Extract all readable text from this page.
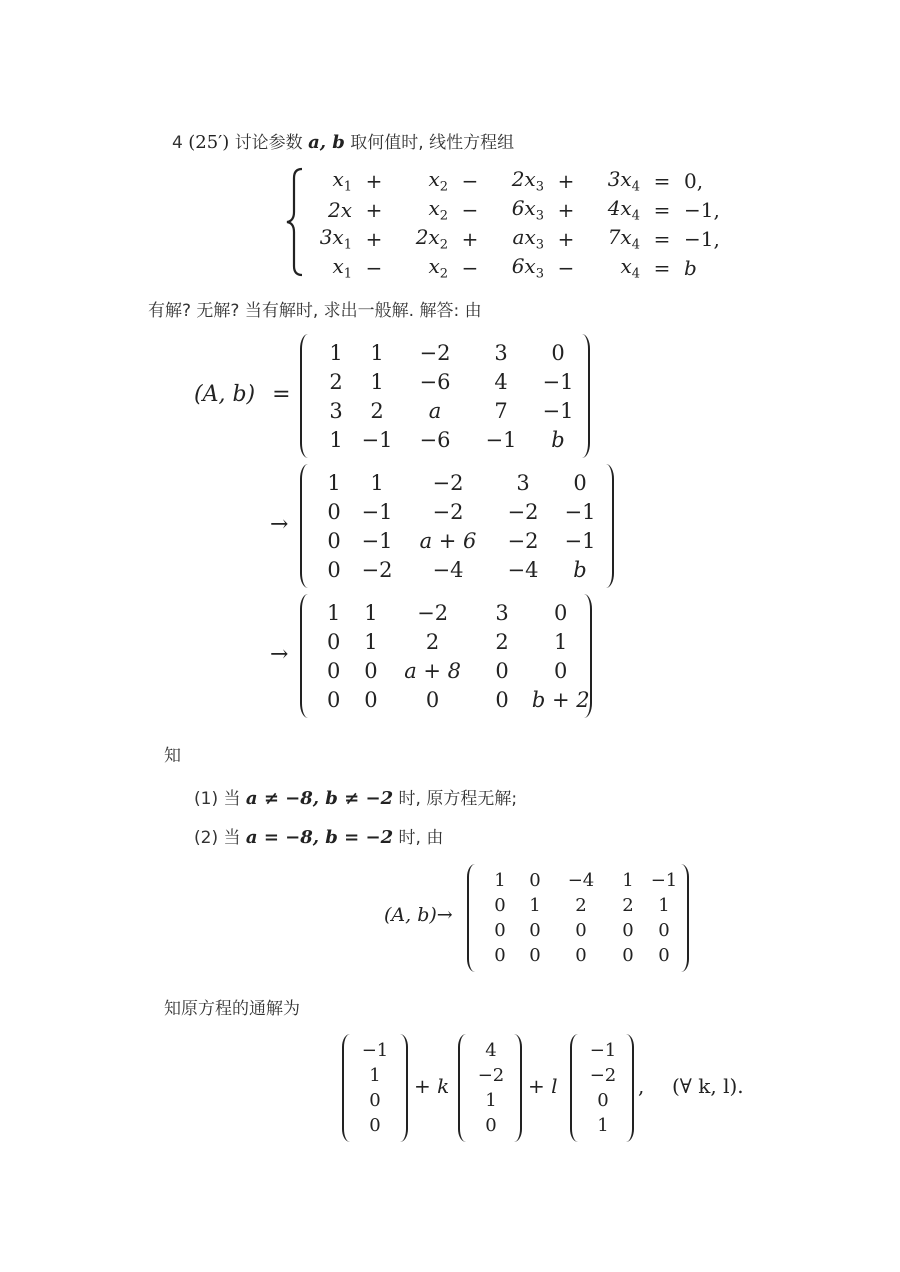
4 (25′) 讨论参数 a, b 取何值时, 线性方程组
$x_1$	+	$x_2$	−	$2x_3$	+	$3x_4$	=	0,
2x	+	$x_2$	−	$6x_3$	+	$4x_4$	=	−1,
$3x_1$	+	$2x_2$	+	$ax_3$	+	$7x_4$	=	−1,
$x_1$	−	$x_2$	−	$6x_3$	−	$x_4$	=	b
有解? 无解? 当有解时, 求出一般解. 解答: 由
(A, b) =
1	1	−2	3	0
2	1	−6	4	−1
3	2	a	7	−1
1	−1	−6	−1	b
→
1	1	−2	3	0
0	−1	−2	−2	−1
0	−1	a + 6	−2	−1
0	−2	−4	−4	b
→
1	1	−2	3	0
0	1	2	2	1
0	0	a + 8	0	0
0	0	0	0	b + 2
知
(1) 当 a ≠ −8, b ≠ −2 时, 原方程无解;
(2) 当 a = −8, b = −2 时, 由
(A, b)→
1	0	−4	1	−1
0	1	2	2	1
0	0	0	0	0
0	0	0	0	0
知原方程的通解为
−1
1
0
0
+ k
4
−2
1
0
+ l
−1
−2
0
1
, (∀ k, l).
